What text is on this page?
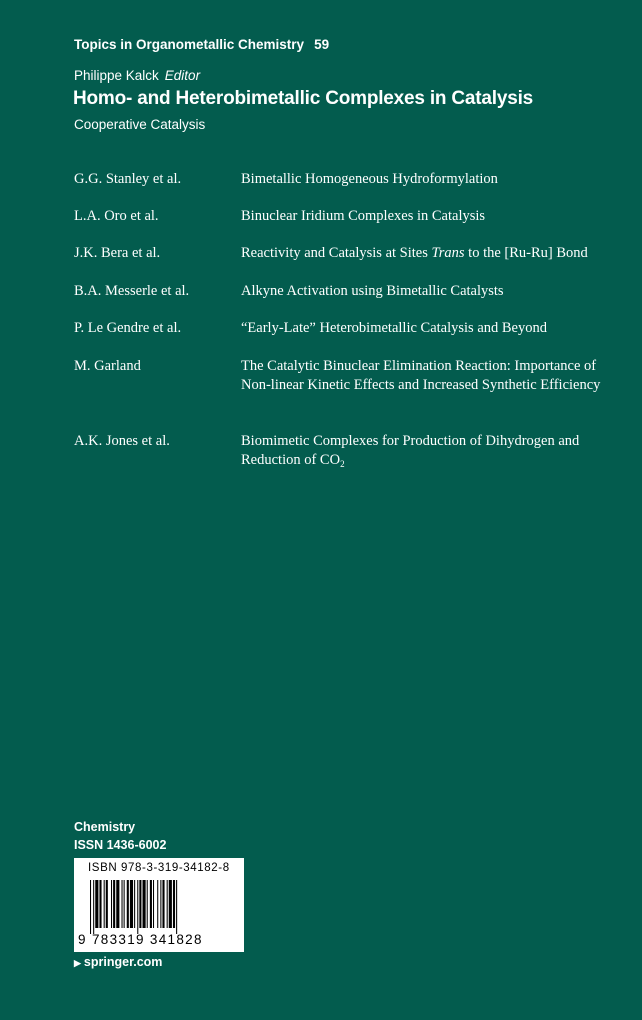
Topics in Organometallic Chemistry 59
Philippe Kalck Editor
Homo- and Heterobimetallic Complexes in Catalysis
Cooperative Catalysis
G.G. Stanley et al.	Bimetallic Homogeneous Hydroformylation
L.A. Oro et al.	Binuclear Iridium Complexes in Catalysis
J.K. Bera et al.	Reactivity and Catalysis at Sites Trans to the [Ru-Ru] Bond
B.A. Messerle et al.	Alkyne Activation using Bimetallic Catalysts
P. Le Gendre et al.	“Early-Late” Heterobimetallic Catalysis and Beyond
M. Garland	The Catalytic Binuclear Elimination Reaction: Importance of Non-linear Kinetic Effects and Increased Synthetic Efficiency
A.K. Jones et al.	Biomimetic Complexes for Production of Dihydrogen and Reduction of $CO_2$
Chemistry
ISSN 1436-6002
ISBN 978-3-319-34182-8
9 783319 341828
▶ springer.com
